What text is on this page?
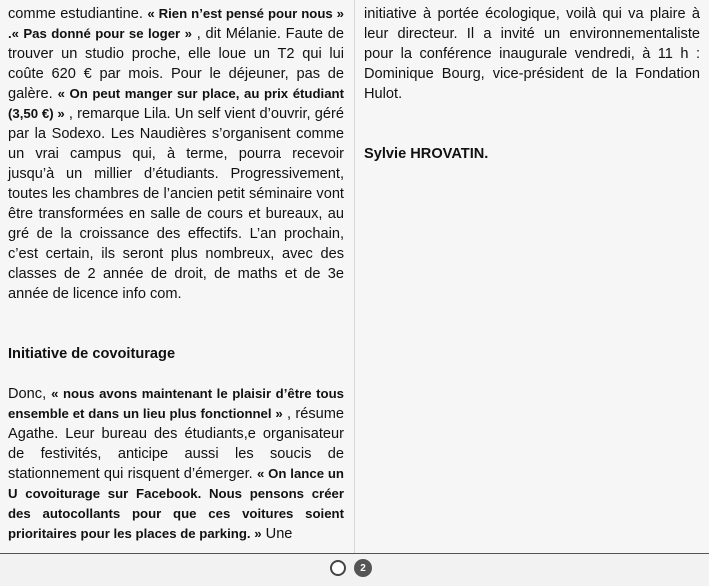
comme estudiantine. « Rien n’est pensé pour nous » .« Pas donné pour se loger » , dit Mélanie. Faute de trouver un studio proche, elle loue un T2 qui lui coûte 620 € par mois. Pour le déjeuner, pas de galère. « On peut manger sur place, au prix étudiant (3,50 €) » , remarque Lila. Un self vient d’ouvrir, géré par la Sodexo. Les Naudières s’organisent comme un vrai campus qui, à terme, pourra recevoir jusqu’à un millier d’étudiants. Progressivement, toutes les chambres de l’ancien petit séminaire vont être transformées en salle de cours et bureaux, au gré de la croissance des effectifs. L’an prochain, c’est certain, ils seront plus nombreux, avec des classes de 2 année de droit, de maths et de 3e année de licence info com.

Initiative de covoiturage

Donc, « nous avons maintenant le plaisir d’être tous ensemble et dans un lieu plus fonctionnel » , résume Agathe. Leur bureau des étudiants,e organisateur de festivités, anticipe aussi les soucis de stationnement qui risquent d’émerger. « On lance un U covoiturage sur Facebook. Nous pensons créer des autocollants pour que ces voitures soient prioritaires pour les places de parking. » Une

initiative à portée écologique, voilà qui va plaire à leur directeur. Il a invité un environnementaliste pour la conférence inaugurale vendredi, à 11 h : Dominique Bourg, vice-président de la Fondation Hulot.

Sylvie HROVATIN.

2
